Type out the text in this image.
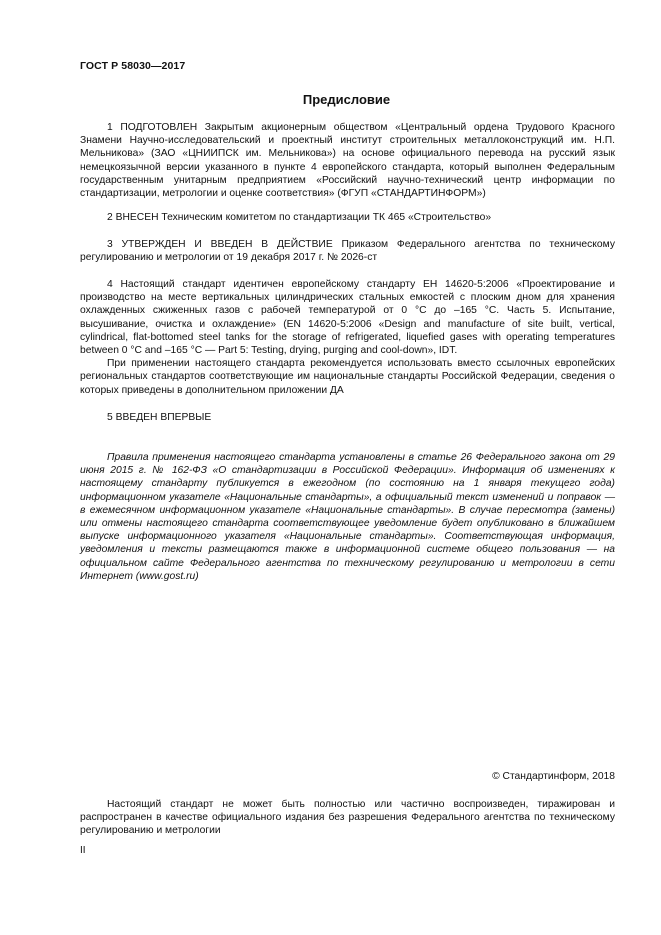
ГОСТ Р 58030—2017
Предисловие

1 ПОДГОТОВЛЕН Закрытым акционерным обществом «Центральный ордена Трудового Красного Знамени Научно-исследовательский и проектный институт строительных металлоконструкций им. Н.П. Мельникова» (ЗАО «ЦНИИПСК им. Мельникова») на основе официального перевода на русский язык немецкоязычной версии указанного в пункте 4 европейского стандарта, который выполнен Федеральным государственным унитарным предприятием «Российский научно-технический центр информации по стандартизации, метрологии и оценке соответствия» (ФГУП «СТАНДАРТИНФОРМ»)

2 ВНЕСЕН Техническим комитетом по стандартизации ТК 465 «Строительство»

3 УТВЕРЖДЕН И ВВЕДЕН В ДЕЙСТВИЕ Приказом Федерального агентства по техническому регулированию и метрологии от 19 декабря 2017 г. № 2026-ст

4 Настоящий стандарт идентичен европейскому стандарту ЕН 14620-5:2006 «Проектирование и производство на месте вертикальных цилиндрических стальных емкостей с плоским дном для хранения охлажденных сжиженных газов с рабочей температурой от 0 °С до –165 °С. Часть 5. Испытание, высушивание, очистка и охлаждение» (EN 14620-5:2006 «Design and manufacture of site built, vertical, cylindrical, flat-bottomed steel tanks for the storage of refrigerated, liquefied gases with operating temperatures between 0 °C and –165 °C — Part 5: Testing, drying, purging and cool-down», IDT.

При применении настоящего стандарта рекомендуется использовать вместо ссылочных европейских региональных стандартов соответствующие им национальные стандарты Российской Федерации, сведения о которых приведены в дополнительном приложении ДА

5 ВВЕДЕН ВПЕРВЫЕ

Правила применения настоящего стандарта установлены в статье 26 Федерального закона от 29 июня 2015 г. № 162-ФЗ «О стандартизации в Российской Федерации». Информация об изменениях к настоящему стандарту публикуется в ежегодном (по состоянию на 1 января текущего года) информационном указателе «Национальные стандарты», а официальный текст изменений и поправок — в ежемесячном информационном указателе «Национальные стандарты». В случае пересмотра (замены) или отмены настоящего стандарта соответствующее уведомление будет опубликовано в ближайшем выпуске информационного указателя «Национальные стандарты». Соответствующая информация, уведомления и тексты размещаются также в информационной системе общего пользования — на официальном сайте Федерального агентства по техническому регулированию и метрологии в сети Интернет (www.gost.ru)

© Стандартинформ, 2018

Настоящий стандарт не может быть полностью или частично воспроизведен, тиражирован и распространен в качестве официального издания без разрешения Федерального агентства по техническому регулированию и метрологии

II
